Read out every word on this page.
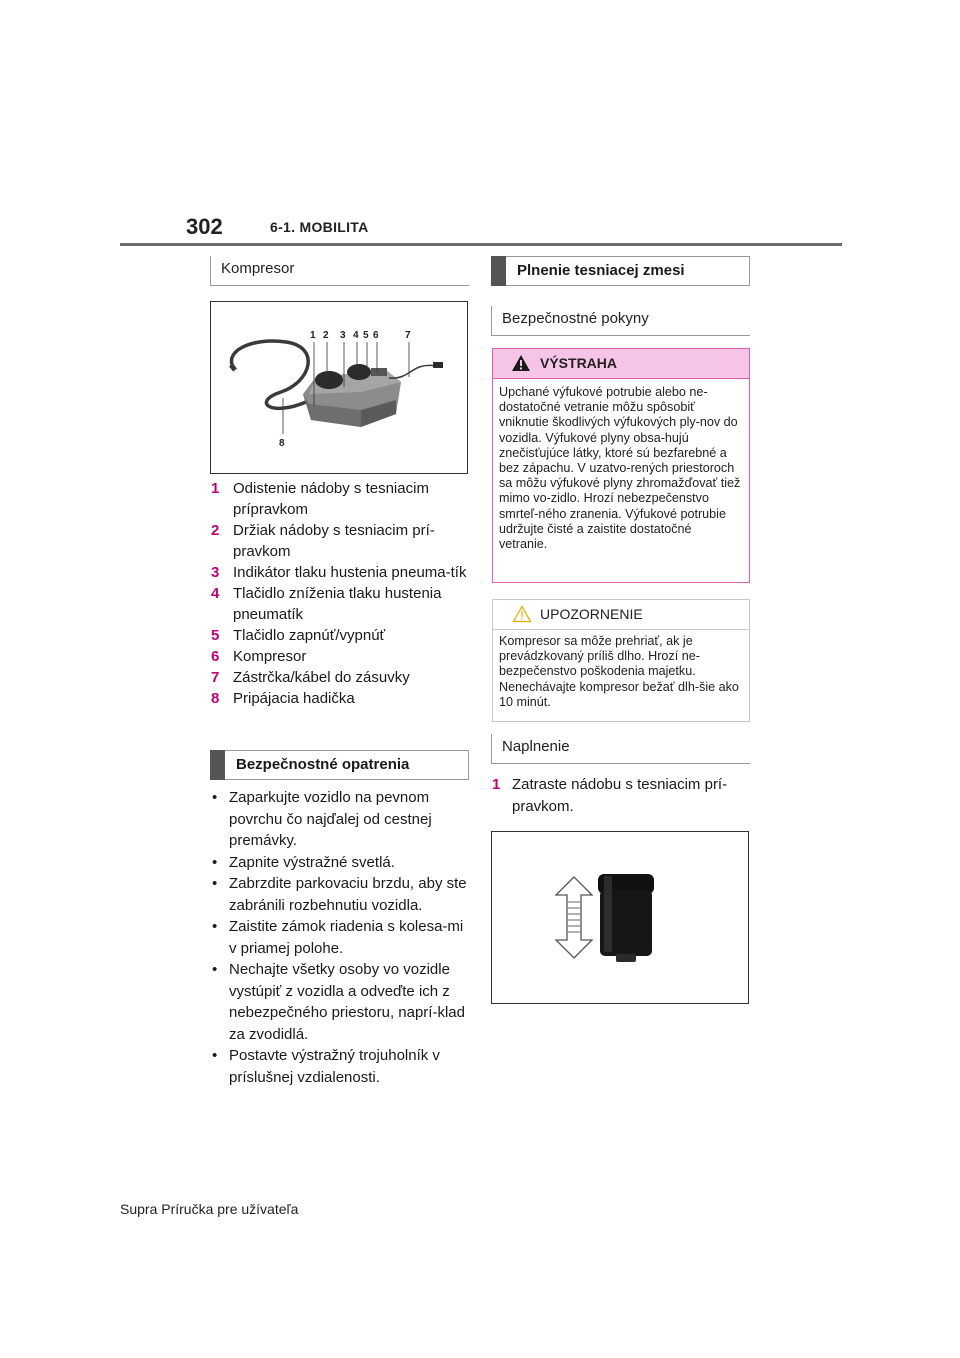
302	6-1. MOBILITA
Kompresor
1 2 3 4 5 6	7
8
1 Odistenie nádoby s tesniacim prípravkom
2 Držiak nádoby s tesniacim prí-pravkom
3 Indikátor tlaku hustenia pneuma-tík
4 Tlačidlo zníženia tlaku hustenia pneumatík
5 Tlačidlo zapnúť/vypnúť
6 Kompresor
7 Zástrčka/kábel do zásuvky
8 Pripájacia hadička
Bezpečnostné opatrenia
• Zaparkujte vozidlo na pevnom povrchu čo najďalej od cestnej premávky.
• Zapnite výstražné svetlá.
• Zabrzdite parkovaciu brzdu, aby ste zabránili rozbehnutiu vozidla.
• Zaistite zámok riadenia s kolesa-mi v priamej polohe.
• Nechajte všetky osoby vo vozidle vystúpiť z vozidla a odveďte ich z nebezpečného priestoru, naprí-klad za zvodidlá.
• Postavte výstražný trojuholník v príslušnej vzdialenosti.
Plnenie tesniacej zmesi
Bezpečnostné pokyny
VÝSTRAHA
Upchané výfukové potrubie alebo ne-dostatočné vetranie môžu spôsobiť vniknutie škodlivých výfukových ply-nov do vozidla. Výfukové plyny obsa-hujú znečisťujúce látky, ktoré sú bezfarebné a bez zápachu. V uzatvo-rených priestoroch sa môžu výfukové plyny zhromažďovať tiež mimo vo-zidlo. Hrozí nebezpečenstvo smrteľ-ného zranenia. Výfukové potrubie udržujte čisté a zaistite dostatočné vetranie.
UPOZORNENIE
Kompresor sa môže prehriať, ak je prevádzkovaný príliš dlho. Hrozí ne-bezpečenstvo poškodenia majetku. Nenechávajte kompresor bežať dlh-šie ako 10 minút.
Naplnenie
1 Zatraste nádobu s tesniacim prí-pravkom.
Supra Príručka pre užívateľa
